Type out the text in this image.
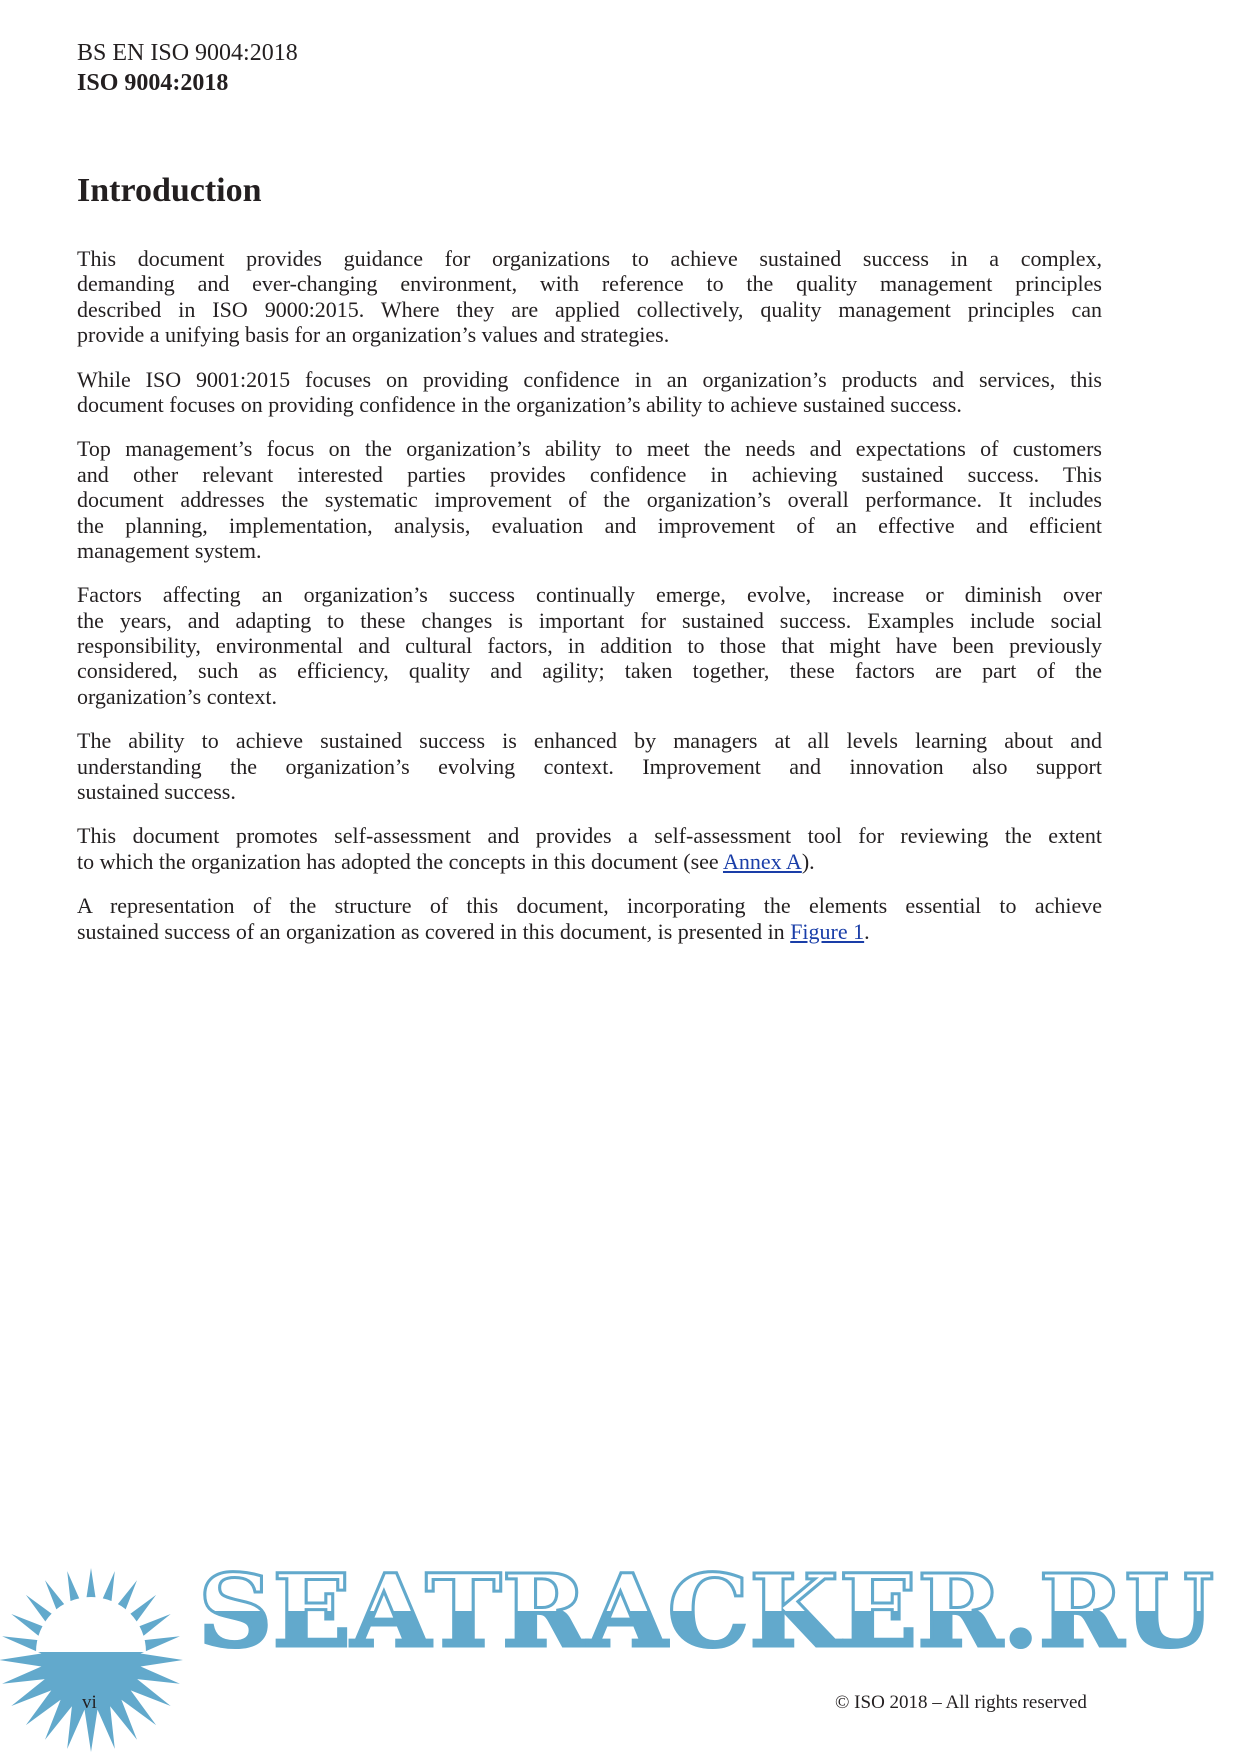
BS EN ISO 9004:2018
ISO 9004:2018
Introduction
This document provides guidance for organizations to achieve sustained success in a complex,
demanding and ever-changing environment, with reference to the quality management principles
described in ISO 9000:2015. Where they are applied collectively, quality management principles can
provide a unifying basis for an organization’s values and strategies.
While ISO 9001:2015 focuses on providing confidence in an organization’s products and services, this
document focuses on providing confidence in the organization’s ability to achieve sustained success.
Top management’s focus on the organization’s ability to meet the needs and expectations of customers
and other relevant interested parties provides confidence in achieving sustained success. This
document addresses the systematic improvement of the organization’s overall performance. It includes
the planning, implementation, analysis, evaluation and improvement of an effective and efficient
management system.
Factors affecting an organization’s success continually emerge, evolve, increase or diminish over
the years, and adapting to these changes is important for sustained success. Examples include social
responsibility, environmental and cultural factors, in addition to those that might have been previously
considered, such as efficiency, quality and agility; taken together, these factors are part of the
organization’s context.
The ability to achieve sustained success is enhanced by managers at all levels learning about and
understanding the organization’s evolving context. Improvement and innovation also support
sustained success.
This document promotes self-assessment and provides a self-assessment tool for reviewing the extent
to which the organization has adopted the concepts in this document (see Annex A).
A representation of the structure of this document, incorporating the elements essential to achieve
sustained success of an organization as covered in this document, is presented in Figure 1.
SEATRACKER.RU
vi	© ISO 2018 – All rights reserved
